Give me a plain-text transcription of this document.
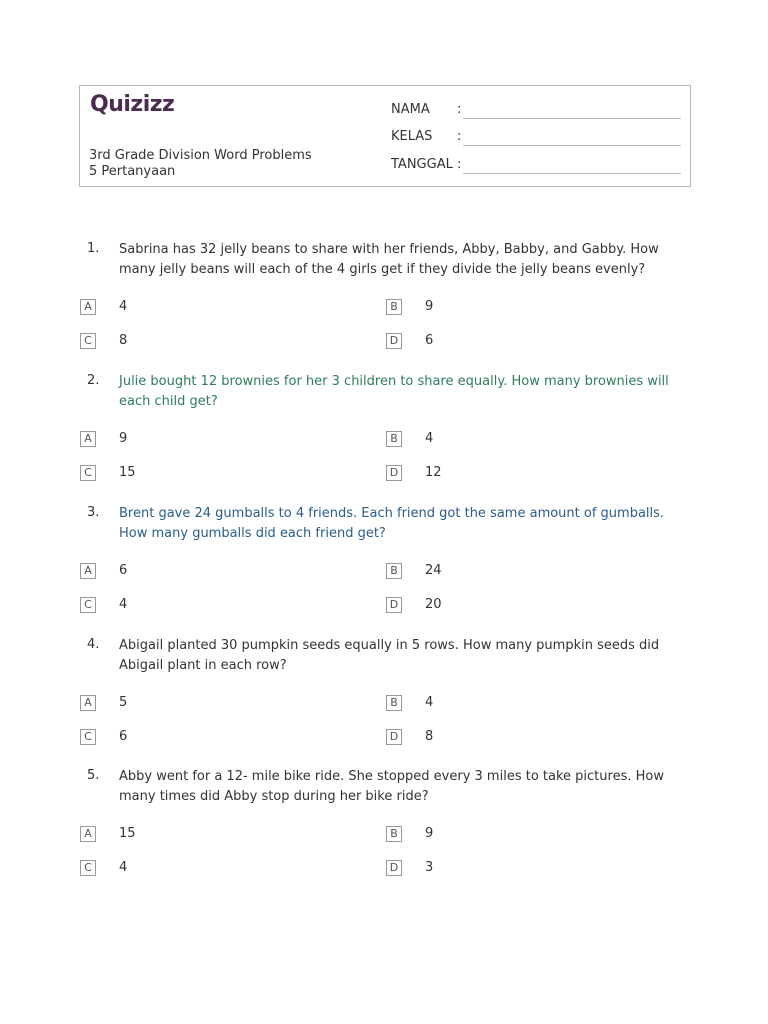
Quizizz
3rd Grade Division Word Problems
5 Pertanyaan
NAMA :
KELAS :
TANGGAL :
1. Sabrina has 32 jelly beans to share with her friends, Abby, Babby, and Gabby. How many jelly beans will each of the 4 girls get if they divide the jelly beans evenly?
A	4	B	9
C	8	D 6
2. Julie bought 12 brownies for her 3 children to share equally. How many brownies will each child get?
A	9	B	4
C	15	D 12
3. Brent gave 24 gumballs to 4 friends. Each friend got the same amount of gumballs. How many gumballs did each friend get?
A	6	B	24
C	4	D 20
4. Abigail planted 30 pumpkin seeds equally in 5 rows. How many pumpkin seeds did Abigail plant in each row?
A	5	B	4
C	6	D 8
5. Abby went for a 12- mile bike ride. She stopped every 3 miles to take pictures. How many times did Abby stop during her bike ride?
A	15	B	9
C	4	D 3
